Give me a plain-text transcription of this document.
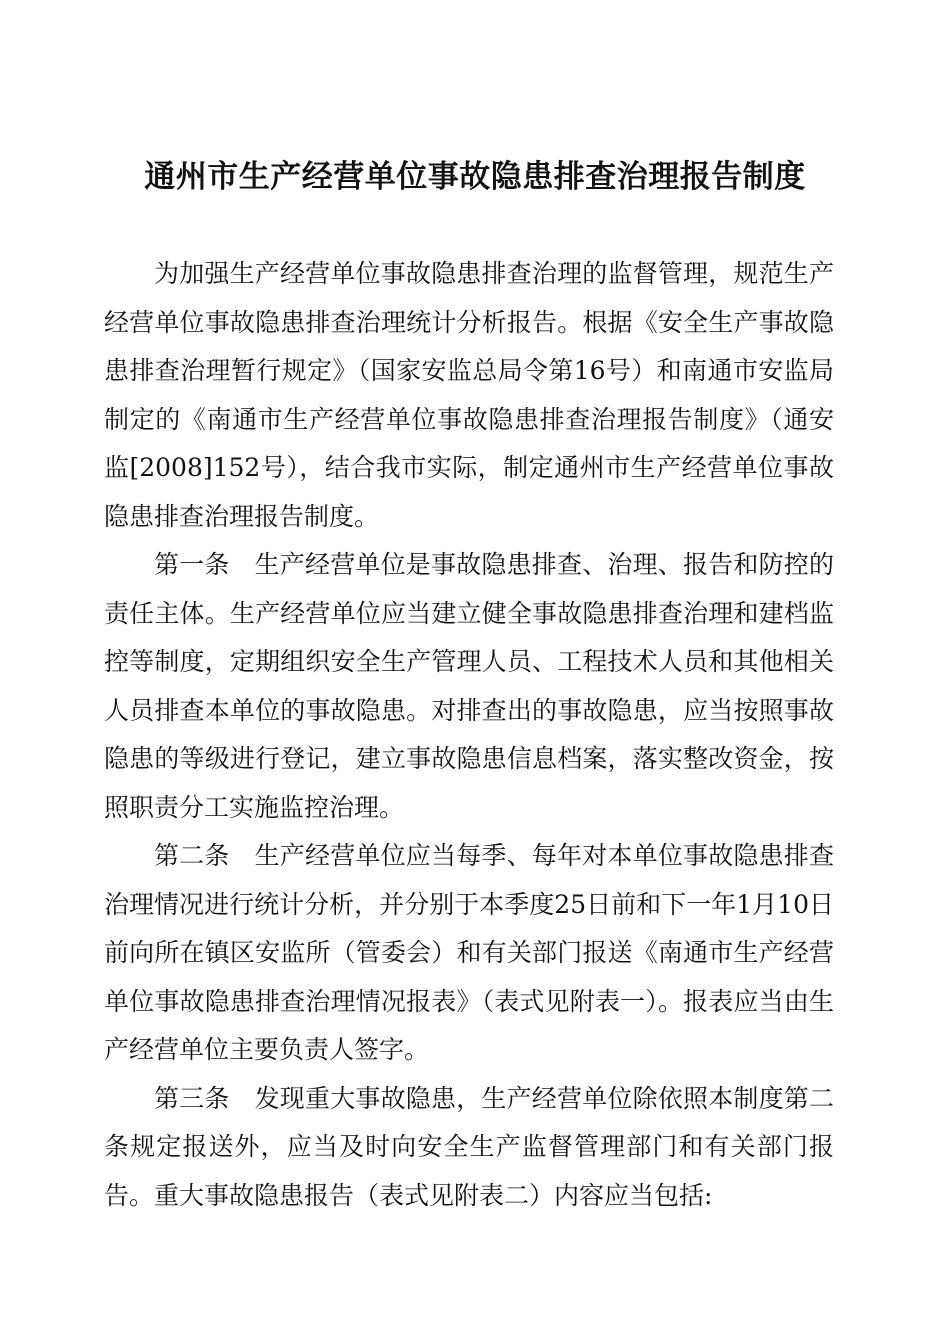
通州市生产经营单位事故隐患排查治理报告制度

为加强生产经营单位事故隐患排查治理的监督管理，规范生产经营单位事故隐患排查治理统计分析报告。根据《安全生产事故隐患排查治理暂行规定》（国家安监总局令第16号）和南通市安监局制定的《南通市生产经营单位事故隐患排查治理报告制度》（通安监[2008]152号），结合我市实际，制定通州市生产经营单位事故隐患排查治理报告制度。

第一条 生产经营单位是事故隐患排查、治理、报告和防控的责任主体。生产经营单位应当建立健全事故隐患排查治理和建档监控等制度，定期组织安全生产管理人员、工程技术人员和其他相关人员排查本单位的事故隐患。对排查出的事故隐患，应当按照事故隐患的等级进行登记，建立事故隐患信息档案，落实整改资金，按照职责分工实施监控治理。

第二条 生产经营单位应当每季、每年对本单位事故隐患排查治理情况进行统计分析，并分别于本季度25日前和下一年1月10日前向所在镇区安监所（管委会）和有关部门报送《南通市生产经营单位事故隐患排查治理情况报表》（表式见附表一）。报表应当由生产经营单位主要负责人签字。

第三条 发现重大事故隐患，生产经营单位除依照本制度第二条规定报送外，应当及时向安全生产监督管理部门和有关部门报告。重大事故隐患报告（表式见附表二）内容应当包括:
